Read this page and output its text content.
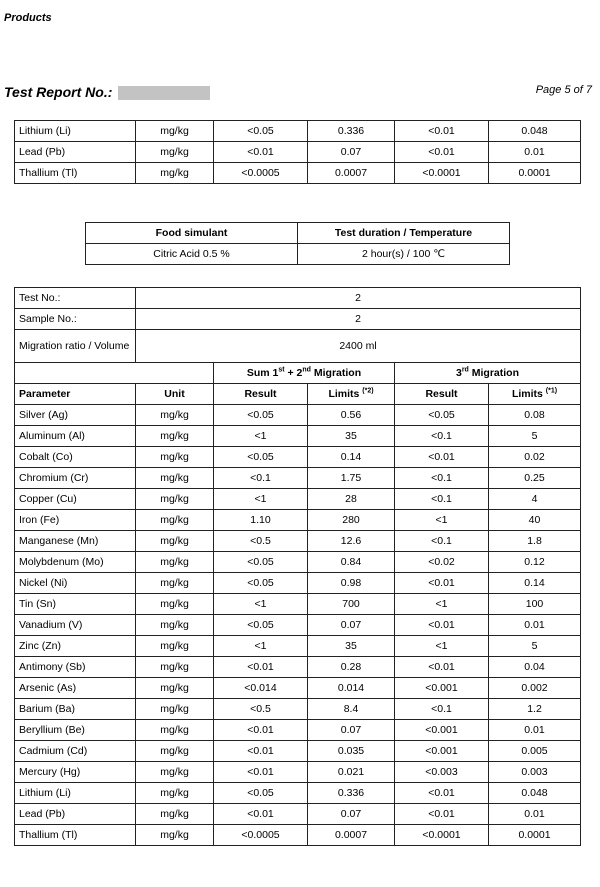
Products
Test Report No.:	Page 5 of 7
Lithium (Li)	mg/kg	<0.05	0.336	<0.01	0.048
Lead (Pb)	mg/kg	<0.01	0.07	<0.01	0.01
Thallium (Tl)	mg/kg	<0.0005	0.0007	<0.0001	0.0001
Food simulant	Test duration / Temperature
Citric Acid 0.5 %	2 hour(s) / 100 ℃
Test No.:	2				
Sample No.:	2				
Migration ratio / Volume	2400 ml				
		Sum 1st + 2nd Migration		3rd Migration	
Parameter	Unit	Result	Limits $^{(*2)}$	Result	Limits $^{(*1)}$
Silver (Ag)	mg/kg	<0.05	0.56	<0.05	0.08
Aluminum (Al)	mg/kg	<1	35	<0.1	5
Cobalt (Co)	mg/kg	<0.05	0.14	<0.01	0.02
Chromium (Cr)	mg/kg	<0.1	1.75	<0.1	0.25
Copper (Cu)	mg/kg	<1	28	<0.1	4
Iron (Fe)	mg/kg	1.10	280	<1	40
Manganese (Mn)	mg/kg	<0.5	12.6	<0.1	1.8
Molybdenum (Mo)	mg/kg	<0.05	0.84	<0.02	0.12
Nickel (Ni)	mg/kg	<0.05	0.98	<0.01	0.14
Tin (Sn)	mg/kg	<1	700	<1	100
Vanadium (V)	mg/kg	<0.05	0.07	<0.01	0.01
Zinc (Zn)	mg/kg	<1	35	<1	5
Antimony (Sb)	mg/kg	<0.01	0.28	<0.01	0.04
Arsenic (As)	mg/kg	<0.014	0.014	<0.001	0.002
Barium (Ba)	mg/kg	<0.5	8.4	<0.1	1.2
Beryllium (Be)	mg/kg	<0.01	0.07	<0.001	0.01
Cadmium (Cd)	mg/kg	<0.01	0.035	<0.001	0.005
Mercury (Hg)	mg/kg	<0.01	0.021	<0.003	0.003
Lithium (Li)	mg/kg	<0.05	0.336	<0.01	0.048
Lead (Pb)	mg/kg	<0.01	0.07	<0.01	0.01
Thallium (Tl)	mg/kg	<0.0005	0.0007	<0.0001	0.0001
